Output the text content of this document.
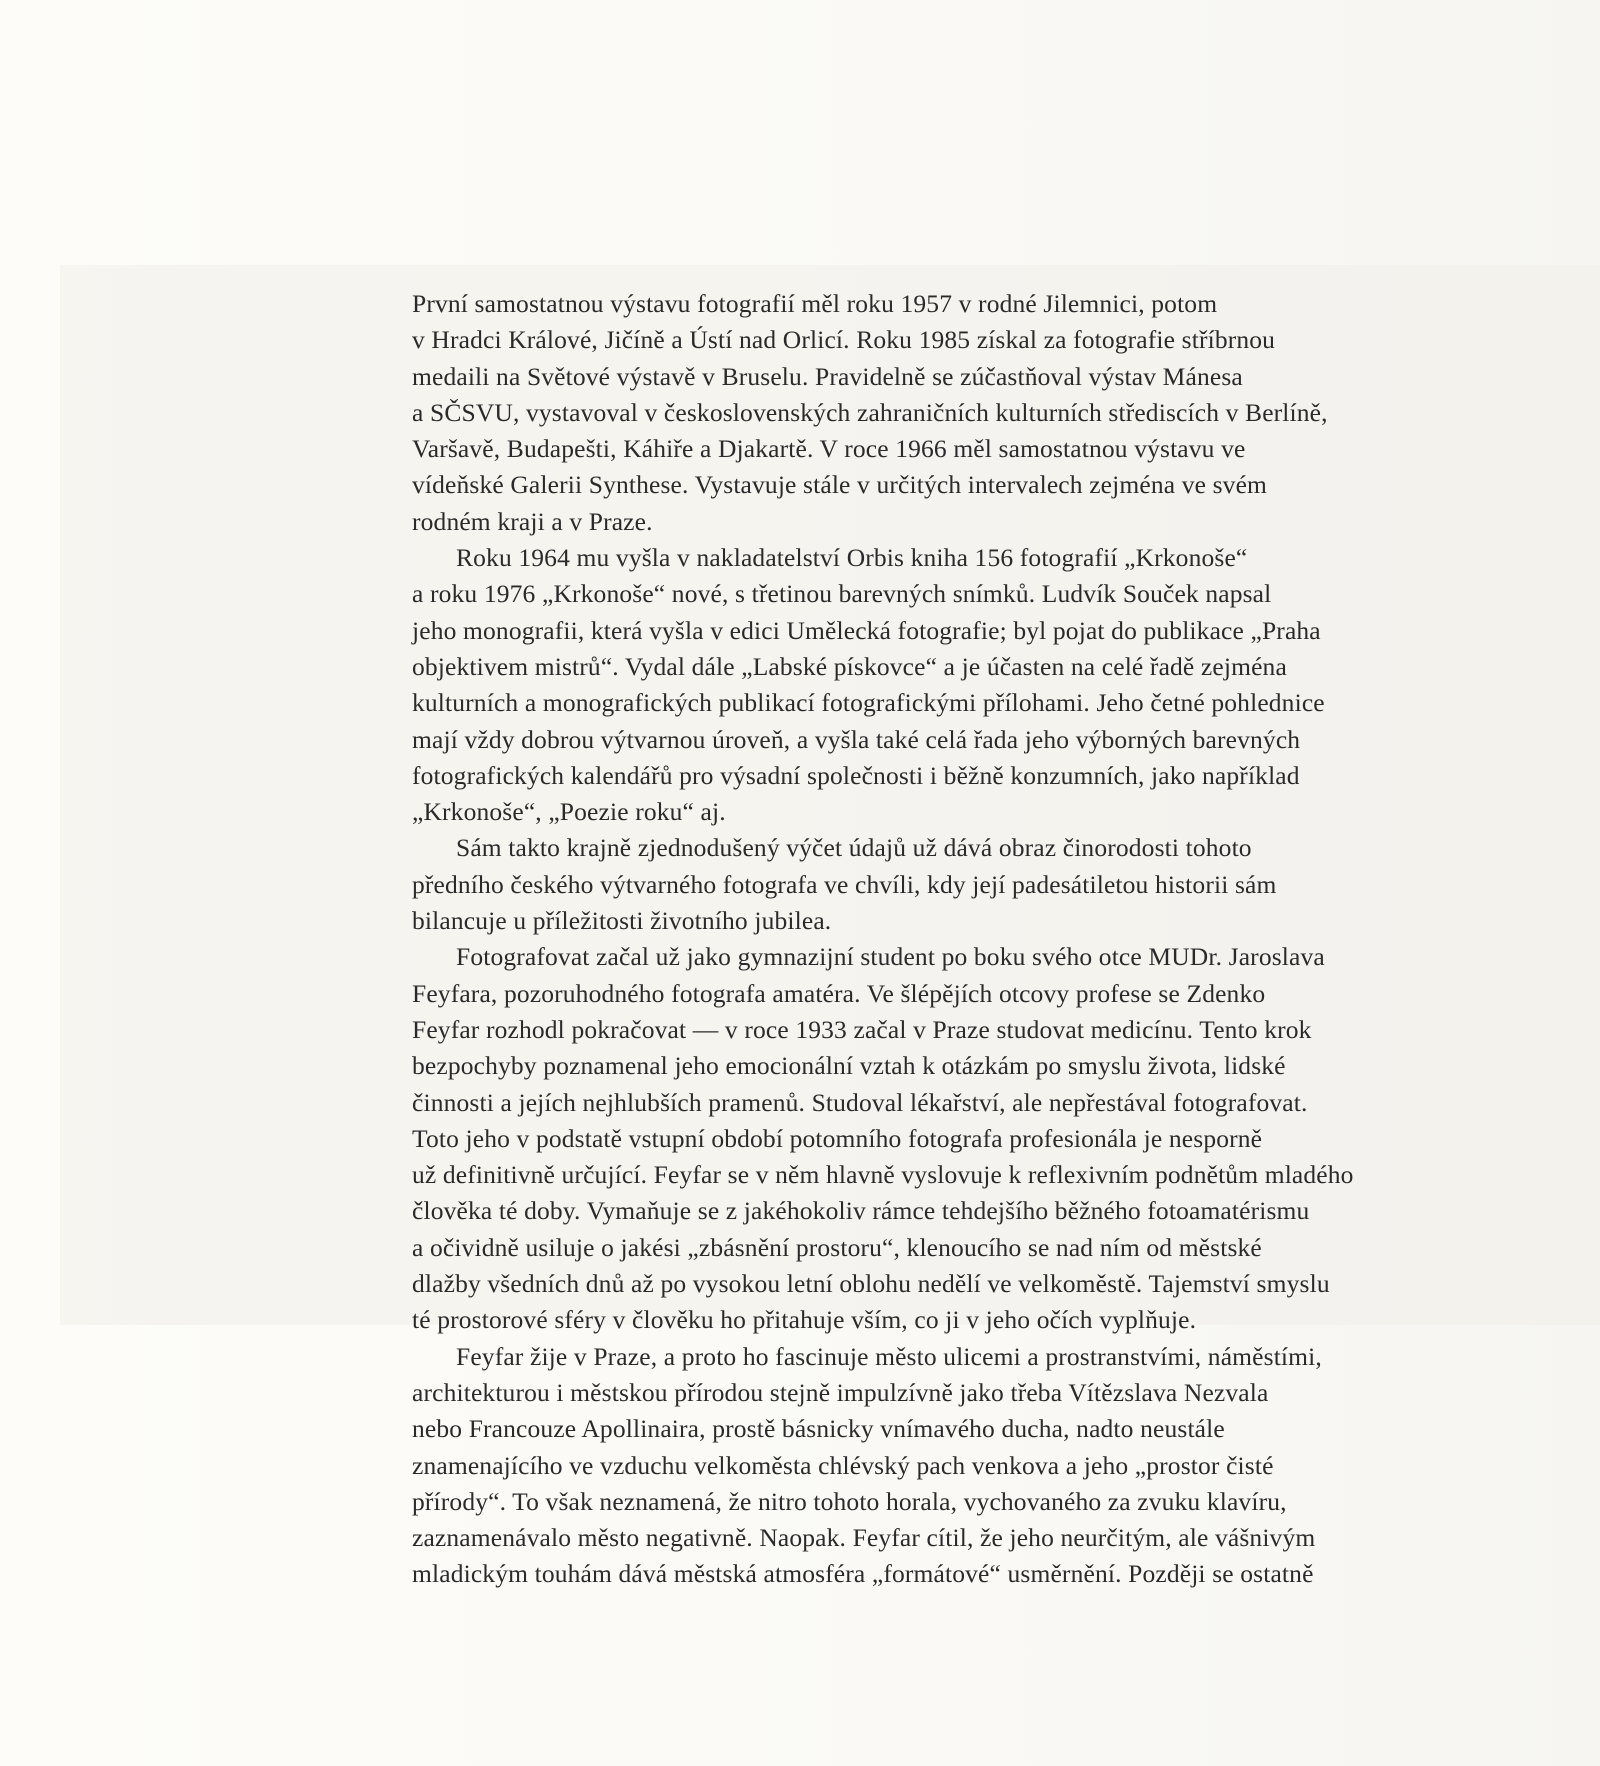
První samostatnou výstavu fotografií měl roku 1957 v rodné Jilemnici, potom
v Hradci Králové, Jičíně a Ústí nad Orlicí. Roku 1985 získal za fotografie stříbrnou
medaili na Světové výstavě v Bruselu. Pravidelně se zúčastňoval výstav Mánesa
a SČSVU, vystavoval v československých zahraničních kulturních střediscích v Berlíně,
Varšavě, Budapešti, Káhiře a Djakartě. V roce 1966 měl samostatnou výstavu ve
vídeňské Galerii Synthese. Vystavuje stále v určitých intervalech zejména ve svém
rodném kraji a v Praze.

Roku 1964 mu vyšla v nakladatelství Orbis kniha 156 fotografií „Krkonoše“
a roku 1976 „Krkonoše“ nové, s třetinou barevných snímků. Ludvík Souček napsal
jeho monografii, která vyšla v edici Umělecká fotografie; byl pojat do publikace „Praha
objektivem mistrů“. Vydal dále „Labské pískovce“ a je účasten na celé řadě zejména
kulturních a monografických publikací fotografickými přílohami. Jeho četné pohlednice
mají vždy dobrou výtvarnou úroveň, a vyšla také celá řada jeho výborných barevných
fotografických kalendářů pro výsadní společnosti i běžně konzumních, jako například
„Krkonoše“, „Poezie roku“ aj.

Sám takto krajně zjednodušený výčet údajů už dává obraz činorodosti tohoto
předního českého výtvarného fotografa ve chvíli, kdy její padesátiletou historii sám
bilancuje u příležitosti životního jubilea.

Fotografovat začal už jako gymnazijní student po boku svého otce MUDr. Jaroslava
Feyfara, pozoruhodného fotografa amatéra. Ve šlépějích otcovy profese se Zdenko
Feyfar rozhodl pokračovat — v roce 1933 začal v Praze studovat medicínu. Tento krok
bezpochyby poznamenal jeho emocionální vztah k otázkám po smyslu života, lidské
činnosti a jejích nejhlubších pramenů. Studoval lékařství, ale nepřestával fotografovat.
Toto jeho v podstatě vstupní období potomního fotografa profesionála je nesporně
už definitivně určující. Feyfar se v něm hlavně vyslovuje k reflexivním podnětům mladého
člověka té doby. Vymaňuje se z jakéhokoliv rámce tehdejšího běžného fotoamatérismu
a očividně usiluje o jakési „zbásnění prostoru“, klenoucího se nad ním od městské
dlažby všedních dnů až po vysokou letní oblohu nedělí ve velkoměstě. Tajemství smyslu
té prostorové sféry v člověku ho přitahuje vším, co ji v jeho očích vyplňuje.

Feyfar žije v Praze, a proto ho fascinuje město ulicemi a prostranstvími, náměstími,
architekturou i městskou přírodou stejně impulzívně jako třeba Vítězslava Nezvala
nebo Francouze Apollinaira, prostě básnicky vnímavého ducha, nadto neustále
znamenajícího ve vzduchu velkoměsta chlévský pach venkova a jeho „prostor čisté
přírody“. To však neznamená, že nitro tohoto horala, vychovaného za zvuku klavíru,
zaznamenávalo město negativně. Naopak. Feyfar cítil, že jeho neurčitým, ale vášnivým
mladickým touhám dává městská atmosféra „formátové“ usměrnění. Později se ostatně
